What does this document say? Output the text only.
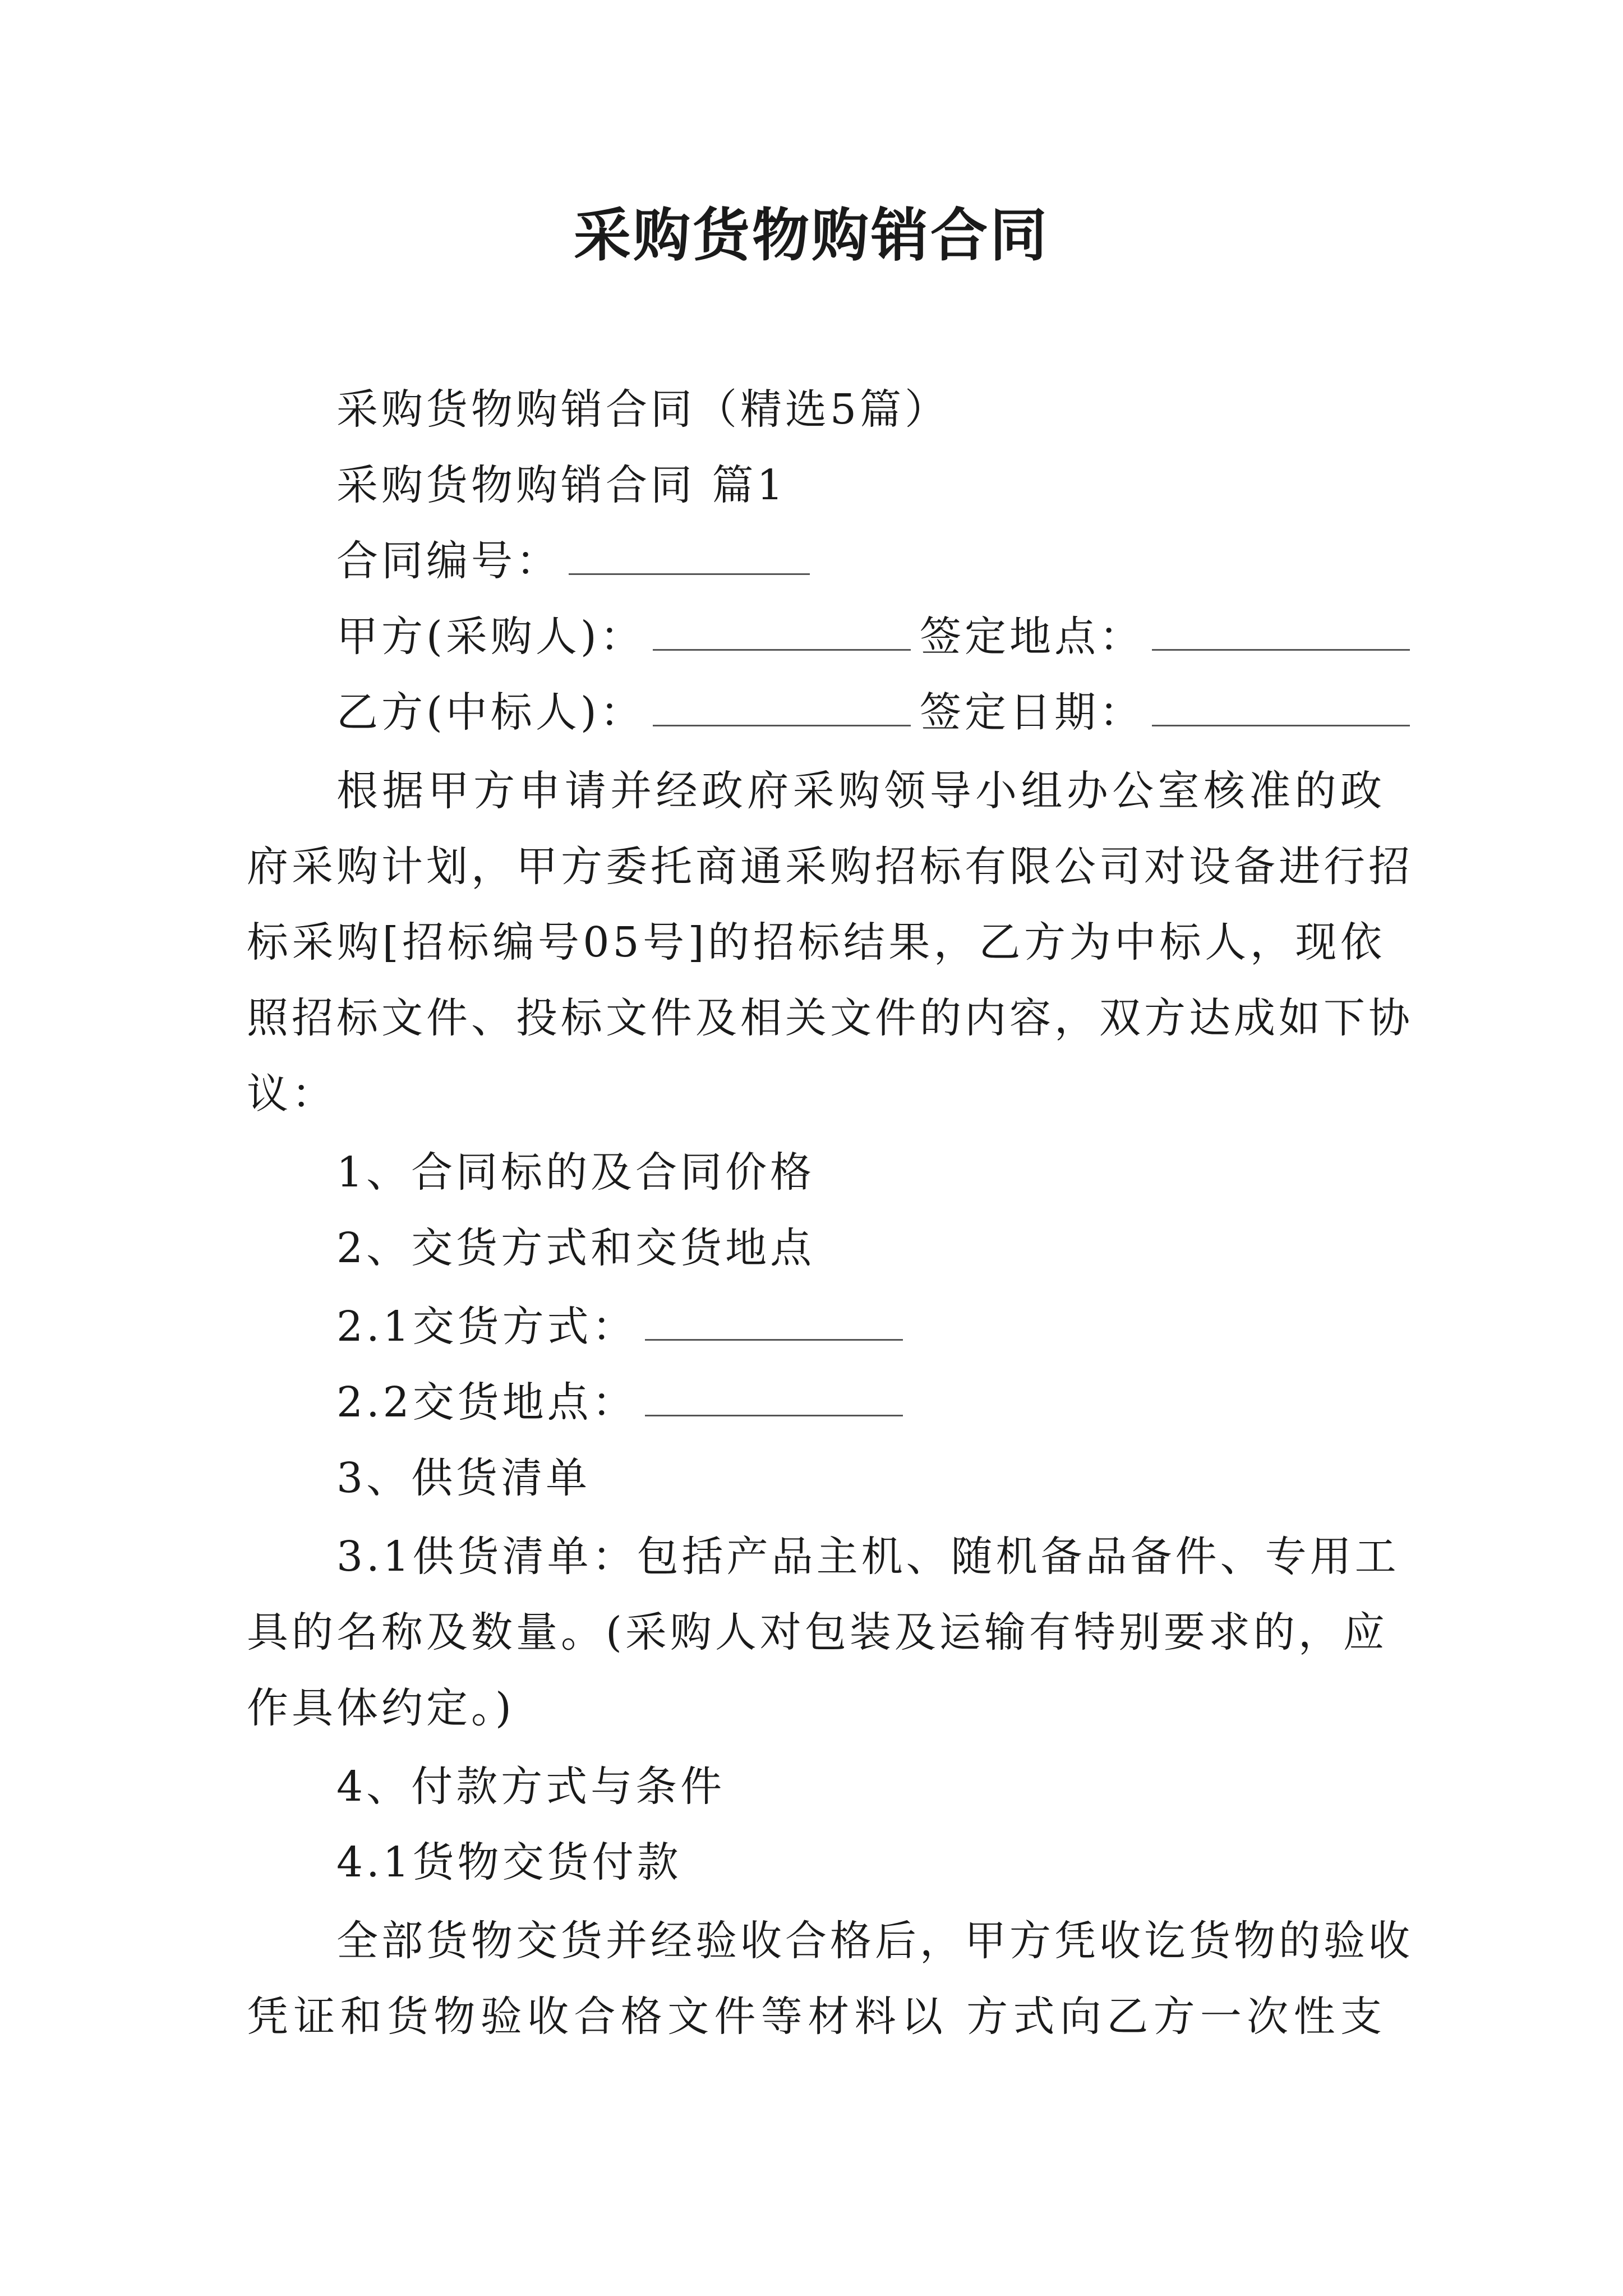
采购货物购销合同
采购货物购销合同（精选5篇）
采购货物购销合同 篇1
合同编号：
甲方(采购人)：	签定地点：
乙方(中标人)：	签定日期：
根据甲方申请并经政府采购领导小组办公室核准的政
府采购计划，甲方委托商通采购招标有限公司对设备进行招
标采购[招标编号05号]的招标结果，乙方为中标人，现依
照招标文件、投标文件及相关文件的内容，双方达成如下协
议：
1、合同标的及合同价格
2、交货方式和交货地点
2.1交货方式：
2.2交货地点：
3、供货清单
3.1供货清单：包括产品主机、随机备品备件、专用工
具的名称及数量。(采购人对包装及运输有特别要求的，应
作具体约定。)
4、付款方式与条件
4.1货物交货付款
全部货物交货并经验收合格后，甲方凭收讫货物的验收
凭证和货物验收合格文件等材料以 方式向乙方一次性支
